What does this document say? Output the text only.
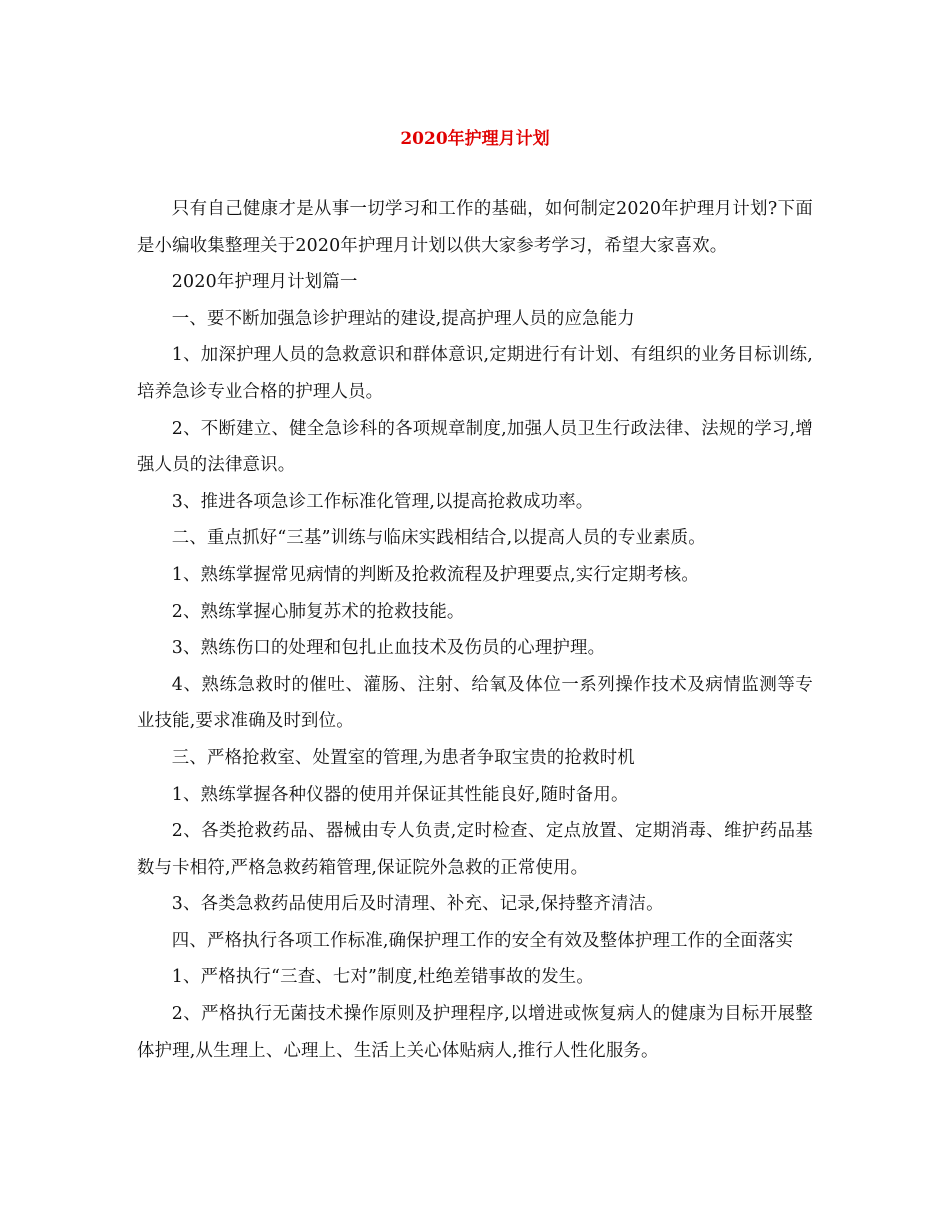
2020年护理月计划

只有自己健康才是从事一切学习和工作的基础，如何制定2020年护理月计划?下面是小编收集整理关于2020年护理月计划以供大家参考学习，希望大家喜欢。

2020年护理月计划篇一

一、要不断加强急诊护理站的建设,提高护理人员的应急能力

1、加深护理人员的急救意识和群体意识,定期进行有计划、有组织的业务目标训练,培养急诊专业合格的护理人员。

2、不断建立、健全急诊科的各项规章制度,加强人员卫生行政法律、法规的学习,增强人员的法律意识。

3、推进各项急诊工作标准化管理,以提高抢救成功率。

二、重点抓好“三基”训练与临床实践相结合,以提高人员的专业素质。

1、熟练掌握常见病情的判断及抢救流程及护理要点,实行定期考核。

2、熟练掌握心肺复苏术的抢救技能。

3、熟练伤口的处理和包扎止血技术及伤员的心理护理。

4、熟练急救时的催吐、灌肠、注射、给氧及体位一系列操作技术及病情监测等专业技能,要求准确及时到位。

三、严格抢救室、处置室的管理,为患者争取宝贵的抢救时机

1、熟练掌握各种仪器的使用并保证其性能良好,随时备用。

2、各类抢救药品、器械由专人负责,定时检查、定点放置、定期消毒、维护药品基数与卡相符,严格急救药箱管理,保证院外急救的正常使用。

3、各类急救药品使用后及时清理、补充、记录,保持整齐清洁。

四、严格执行各项工作标准,确保护理工作的安全有效及整体护理工作的全面落实

1、严格执行“三查、七对”制度,杜绝差错事故的发生。

2、严格执行无菌技术操作原则及护理程序,以增进或恢复病人的健康为目标开展整体护理,从生理上、心理上、生活上关心体贴病人,推行人性化服务。
